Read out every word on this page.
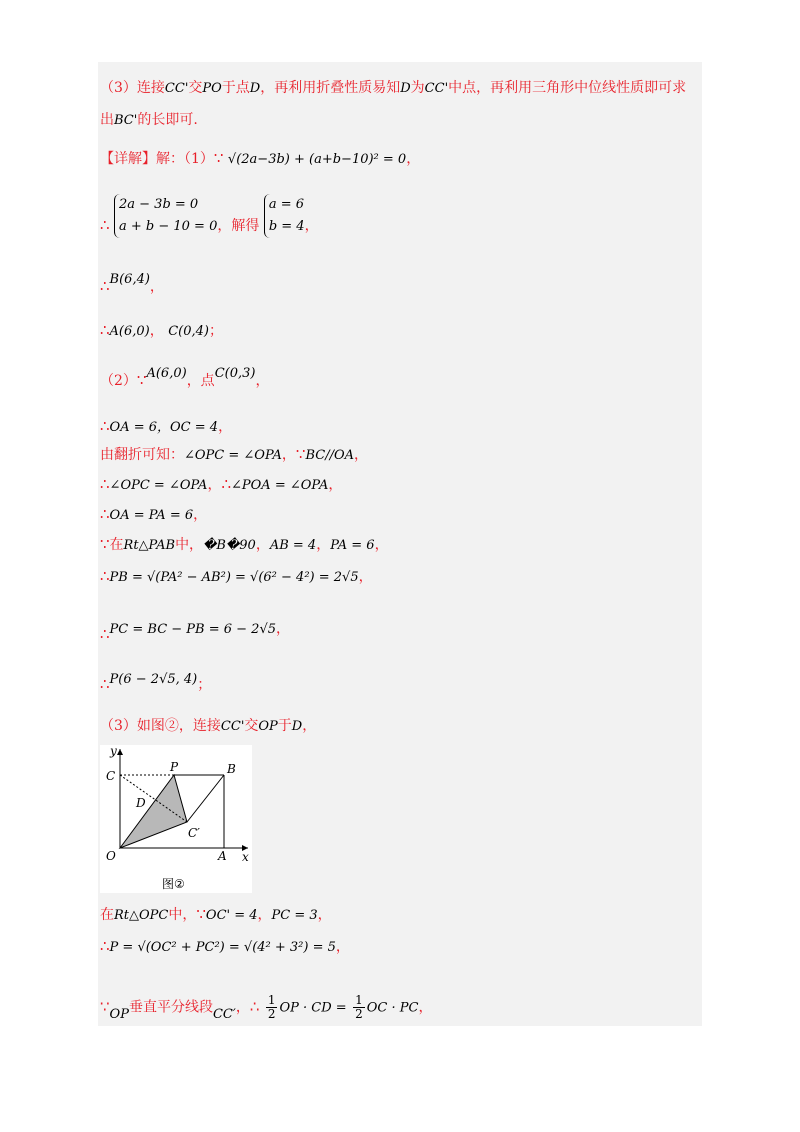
（3）连接CC'交PO于点D，再利用折叠性质易知D为CC'中点，再利用三角形中位线性质即可求
出BC'的长即可.
【详解】解：（1）∵ √(2a−3b) + (a+b−10)² = 0，
∴ 2a − 3b = 0
a + b − 10 = 0，解得 a = 6
b = 4，
∴B(6,4)，
∴A(6,0)， C(0,4)；
（2）∵A(6,0)，点C(0,3)，
∴OA = 6，OC = 4，
由翻折可知：∠OPC = ∠OPA，∵BC//OA，
∴∠OPC = ∠OPA，∴∠POA = ∠OPA，
∴OA = PA = 6，
∵在Rt△PAB中，�B�90，AB = 4，PA = 6，
∴PB = √(PA² − AB²) = √(6² − 4²) = 2√5，
∴PC = BC − PB = 6 − 2√5，
∴P(6 − 2√5, 4)；
（3）如图②，连接CC'交OP于D，
y
x
C
P	B
D
C′
O	A
图②
在Rt△OPC中，∵OC' = 4，PC = 3，
∴P = √(OC² + PC²) = √(4² + 3²) = 5，
∵OP垂直平分线段CC′，∴ $\frac{1}{2}$ OP · CD = $\frac{1}{2}$ OC · PC，
